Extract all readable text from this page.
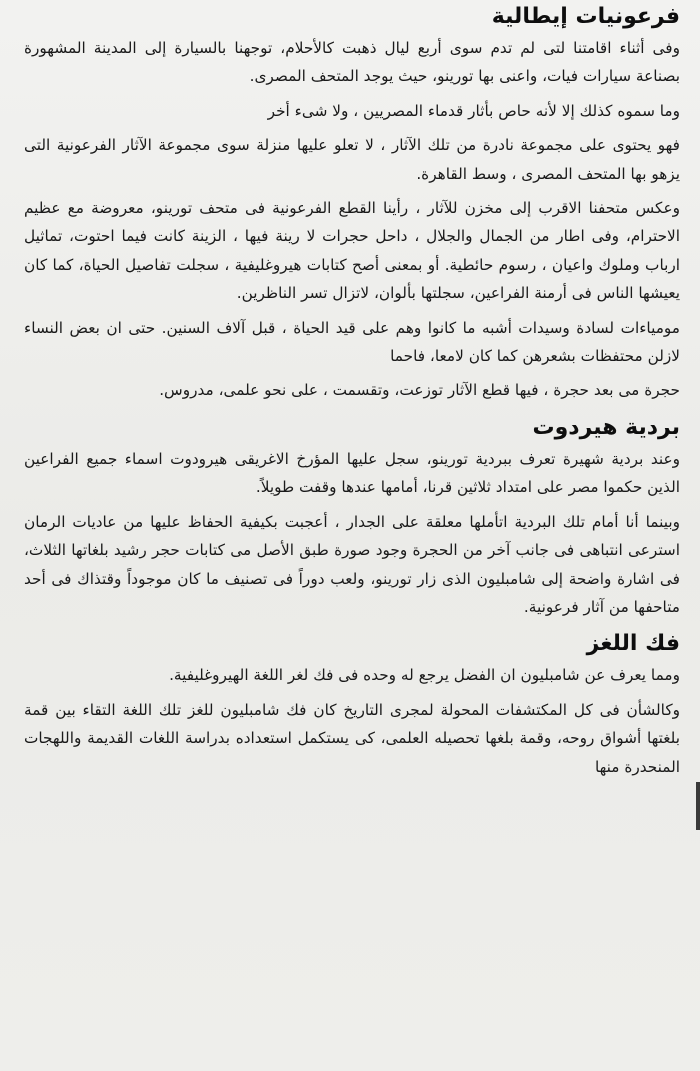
فرعونيات إيطالية

وفى أثناء اقامتنا لتى لم تدم سوى أربع ليال ذهبت كالأحلام، توجهنا بالسيارة إلى المدينة المشهورة بصناعة سيارات فيات، واعنى بها تورينو، حيث يوجد المتحف المصرى.

وما سموه كذلك إلا لأنه حاص بأثار قدماء المصريين ، ولا شىء أخر

فهو يحتوى على مجموعة نادرة من تلك الآثار ، لا تعلو عليها منزلة سوى مجموعة الآثار الفرعونية التى يزهو بها المتحف المصرى ، وسط القاهرة.

وعكس متحفنا الاقرب إلى مخزن للآثار ، رأينا القطع الفرعونية فى متحف تورينو، معروضة مع عظيم الاحترام، وفى اطار من الجمال والجلال ، داحل حجرات لا رينة فيها ، الزينة كانت فيما احتوت، تماثيل ارباب وملوك واعيان ، رسوم حائطية. أو بمعنى أصح كتابات هيروغليفية ، سجلت تفاصيل الحياة، كما كان يعيشها الناس فى أرمنة الفراعين، سجلتها بألوان، لاتزال تسر الناظرين.

مومياءات لسادة وسيدات أشبه ما كانوا وهم على قيد الحياة ، قبل آلاف السنين. حتى ان بعض النساء لازلن محتفظات بشعرهن كما كان لامعا، فاحما

حجرة مى بعد حجرة ، فيها قطع الآثار توزعت، وتقسمت ، على نحو علمى، مدروس.

بردية هيردوت

وعند بردية شهيرة تعرف ببردية تورينو، سجل عليها المؤرخ الاغريقى هيرودوت اسماء جميع الفراعين الذين حكموا مصر على امتداد ثلاثين قرنا، أمامها عندها وقفت طويلاً.

وبينما أنا أمام تلك البردية اتأملها معلقة على الجدار ، أعجبت بكيفية الحفاظ عليها من عاديات الرمان استرعى انتباهى فى جانب آخر من الحجرة وجود صورة طبق الأصل مى كتابات حجر رشيد بلغاتها الثلاث، فى اشارة واضحة إلى شامبليون الذى زار تورينو، ولعب دوراً فى تصنيف ما كان موجوداً وقتذاك فى أحد متاحفها من آثار فرعونية.

فك اللغز

ومما يعرف عن شامبليون ان الفضل يرجع له وحده فى فك لغر اللغة الهيروغليفية.

وكالشأن فى كل المكتشفات المحولة لمجرى التاريخ كان فك شامبليون للغز تلك اللغة التقاء بين قمة بلغتها أشواق روحه، وقمة بلغها تحصيله العلمى، كى يستكمل استعداده بدراسة اللغات القديمة واللهجات المنحدرة منها
